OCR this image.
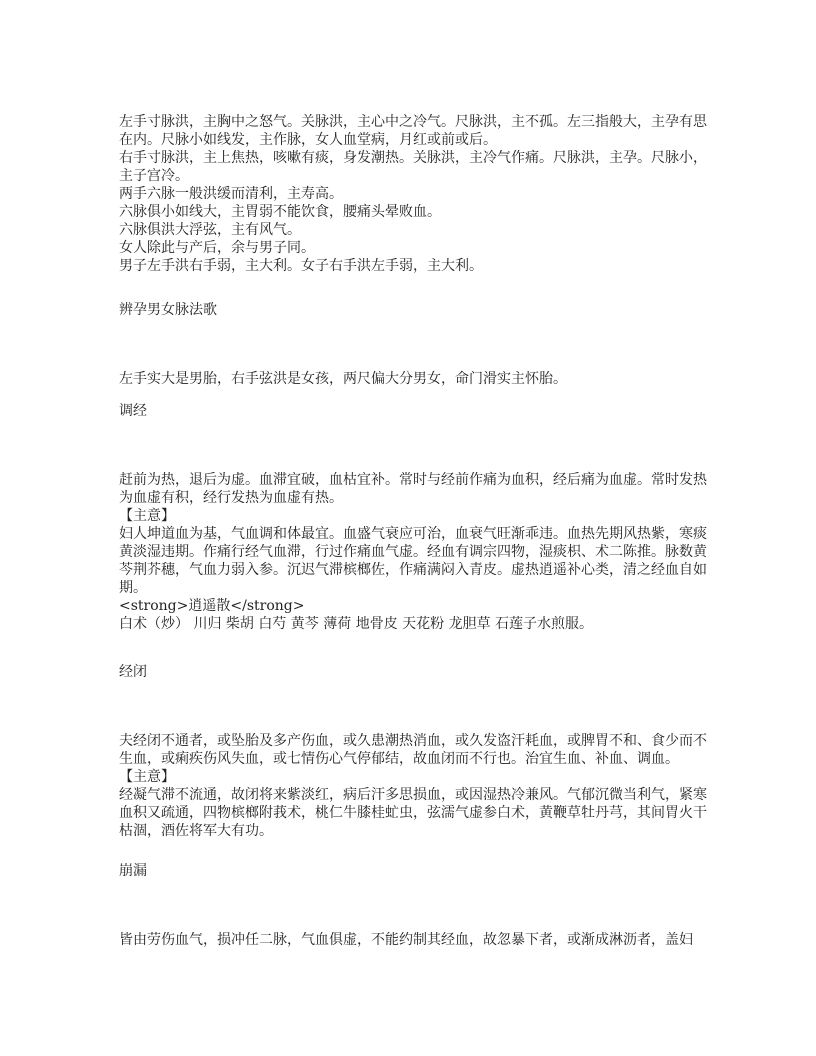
左手寸脉洪，主胸中之怒气。关脉洪，主心中之冷气。尺脉洪，主不孤。左三指般大，主孕有思在内。尺脉小如线发，主作脉，女人血堂病，月红或前或后。

右手寸脉洪，主上焦热，咳嗽有痰，身发潮热。关脉洪，主冷气作痛。尺脉洪，主孕。尺脉小，主子宫冷。

两手六脉一般洪缓而清利，主寿高。

六脉俱小如线大，主胃弱不能饮食，腰痛头晕败血。

六脉俱洪大浮弦，主有风气。

女人除此与产后，余与男子同。

男子左手洪右手弱，主大利。女子右手洪左手弱，主大利。

辨孕男女脉法歌
左手实大是男胎，右手弦洪是女孩，两尺偏大分男女，命门滑实主怀胎。
调经

赶前为热，退后为虚。血滞宜破，血枯宜补。常时与经前作痛为血积，经后痛为血虚。常时发热为血虚有积，经行发热为血虚有热。

【主意】

妇人坤道血为基，气血调和体最宜。血盛气衰应可治，血衰气旺渐乖违。血热先期风热紫，寒痰黄淡湿违期。作痛行经气血滞，行过作痛血气虚。经血有调宗四物，湿痰枳、术二陈推。脉数黄芩荆芥穗，气血力弱入参。沉迟气滞槟榔佐，作痛满闷入青皮。虚热逍遥补心类，清之经血自如期。

<strong>逍遥散</strong>

白术（炒） 川归 柴胡 白芍 黄芩 薄荷 地骨皮 天花粉 龙胆草 石莲子水煎服。

经闭

夫经闭不通者，或坠胎及多产伤血，或久患潮热消血，或久发盗汗耗血，或脾胃不和、食少而不生血，或痢疾伤风失血，或七情伤心气停郁结，故血闭而不行也。治宜生血、补血、调血。

【主意】

经凝气滞不流通，故闭将来紫淡红，病后汗多思损血，或因湿热冷兼风。气郁沉微当利气，紧寒血积又疏通，四物槟榔附莪术，桃仁牛膝桂虻虫，弦濡气虚参白术，黄鞭草牡丹芎，其间胃火干枯涸，酒佐将军大有功。

崩漏
皆由劳伤血气，损冲任二脉，气血俱虚，不能约制其经血，故忽暴下者，或渐成淋沥者，盖妇
